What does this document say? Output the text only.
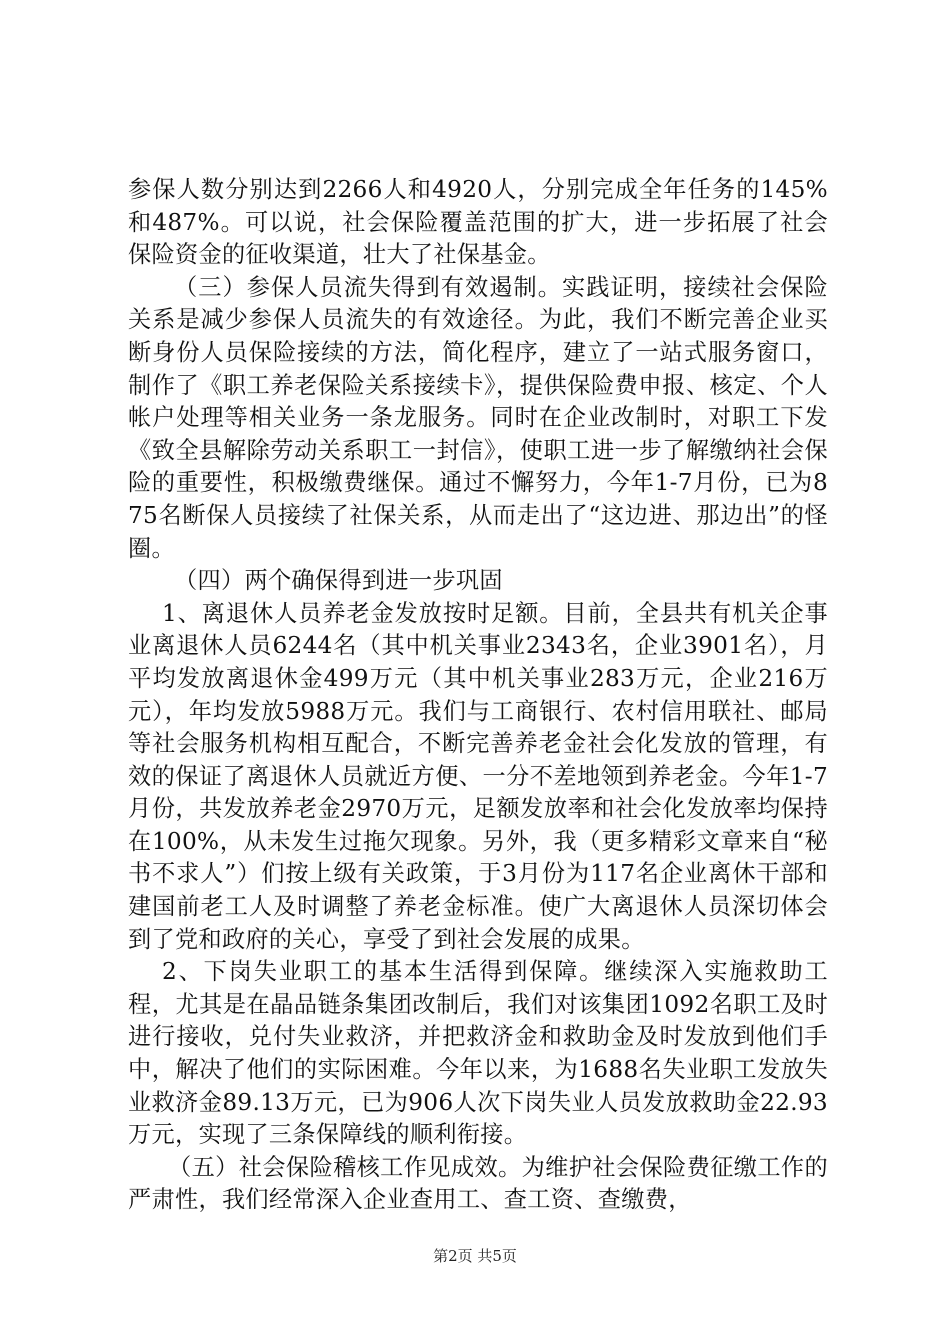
参保人数分别达到2266人和4920人，分别完成全年任务的145%和487%。可以说，社会保险覆盖范围的扩大，进一步拓展了社会保险资金的征收渠道，壮大了社保基金。

（三）参保人员流失得到有效遏制。实践证明，接续社会保险关系是减少参保人员流失的有效途径。为此，我们不断完善企业买断身份人员保险接续的方法，简化程序，建立了一站式服务窗口，制作了《职工养老保险关系接续卡》，提供保险费申报、核定、个人帐户处理等相关业务一条龙服务。同时在企业改制时，对职工下发《致全县解除劳动关系职工一封信》，使职工进一步了解缴纳社会保险的重要性，积极缴费继保。通过不懈努力，今年1-7月份，已为875名断保人员接续了社保关系，从而走出了“这边进、那边出”的怪圈。

（四）两个确保得到进一步巩固

1、离退休人员养老金发放按时足额。目前，全县共有机关企事业离退休人员6244名（其中机关事业2343名，企业3901名），月平均发放离退休金499万元（其中机关事业283万元，企业216万元），年均发放5988万元。我们与工商银行、农村信用联社、邮局等社会服务机构相互配合，不断完善养老金社会化发放的管理，有效的保证了离退休人员就近方便、一分不差地领到养老金。今年1-7月份，共发放养老金2970万元，足额发放率和社会化发放率均保持在100%，从未发生过拖欠现象。另外，我（更多精彩文章来自“秘书不求人”）们按上级有关政策，于3月份为117名企业离休干部和建国前老工人及时调整了养老金标准。使广大离退休人员深切体会到了党和政府的关心，享受了到社会发展的成果。

2、下岗失业职工的基本生活得到保障。继续深入实施救助工程，尤其是在晶品链条集团改制后，我们对该集团1092名职工及时进行接收，兑付失业救济，并把救济金和救助金及时发放到他们手中，解决了他们的实际困难。今年以来，为1688名失业职工发放失业救济金89.13万元，已为906人次下岗失业人员发放救助金22.93万元，实现了三条保障线的顺利衔接。

（五）社会保险稽核工作见成效。为维护社会保险费征缴工作的严肃性，我们经常深入企业查用工、查工资、查缴费，

第2页 共5页
